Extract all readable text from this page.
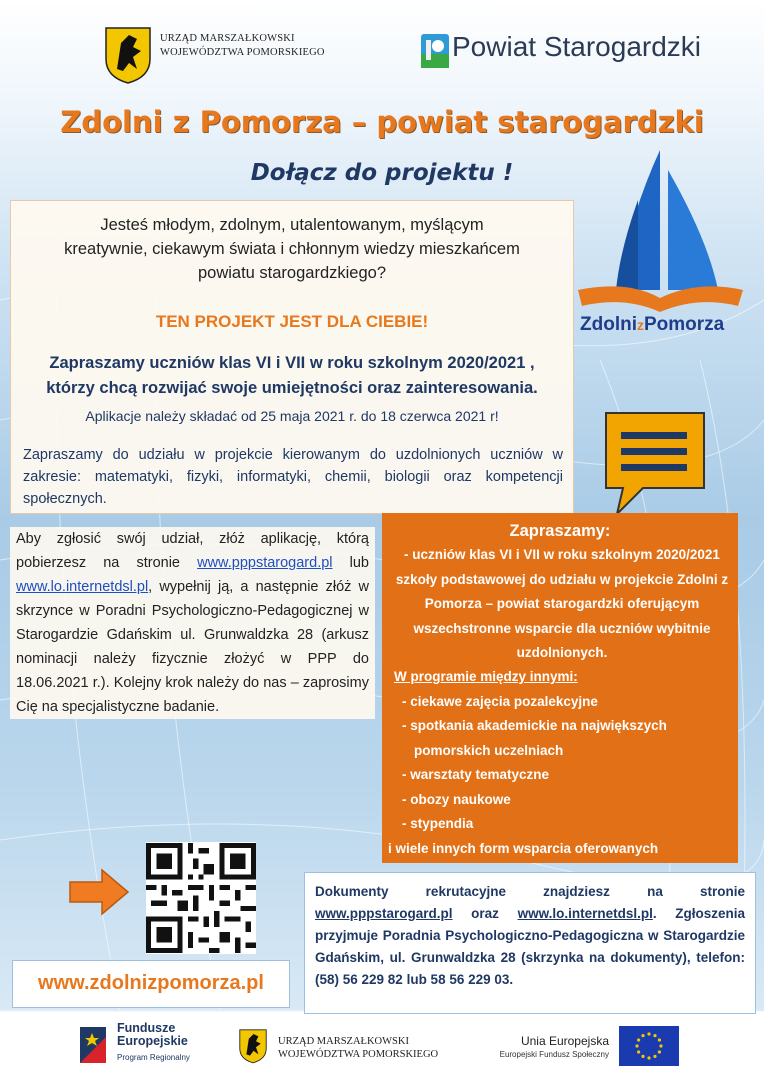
URZĄD MARSZAŁKOWSKI
WOJEWÓDZTWA POMORSKIEGO	Powiat Starogardzki
Zdolni z Pomorza – powiat starogardzki
Dołącz do projektu !
ZdolnizPomorza
Jesteś młodym, zdolnym, utalentowanym, myślącym
kreatywnie, ciekawym świata i chłonnym wiedzy mieszkańcem
powiatu starogardzkiego?
TEN PROJEKT JEST DLA CIEBIE!
Zapraszamy uczniów klas VI i VII w roku szkolnym 2020/2021 ,
którzy chcą rozwijać swoje umiejętności oraz zainteresowania.
Aplikacje należy składać od 25 maja 2021 r. do 18 czerwca 2021 r!
Zapraszamy do udziału w projekcie kierowanym do uzdolnionych uczniów w zakresie: matematyki, fizyki, informatyki, chemii, biologii oraz kompetencji społecznych.
Aby zgłosić swój udział, złóż aplikację, którą pobierzesz na stronie www.pppstarogard.pl lub www.lo.internetdsl.pl, wypełnij ją, a następnie złóż w skrzynce w Poradni Psychologiczno-Pedagogicznej w Starogardzie Gdańskim ul. Grunwaldzka 28 (arkusz nominacji należy fizycznie złożyć w PPP do 18.06.2021 r.). Kolejny krok należy do nas – zaprosimy Cię na specjalistyczne badanie.
Zapraszamy:
- uczniów klas VI i VII w roku szkolnym 2020/2021 szkoły podstawowej do udziału w projekcie Zdolni z Pomorza – powiat starogardzki oferującym wszechstronne wsparcie dla uczniów wybitnie uzdolnionych.
W programie między innymi:
- ciekawe zajęcia pozalekcyjne
- spotkania akademickie na największych
pomorskich uczelniach
- warsztaty tematyczne
- obozy naukowe
- stypendia
i wiele innych form wsparcia oferowanych
www.zdolnizpomorza.pl
Dokumenty rekrutacyjne znajdziesz na stronie www.pppstarogard.pl oraz www.lo.internetdsl.pl. Zgłoszenia przyjmuje Poradnia Psychologiczno-Pedagogiczna w Starogardzie Gdańskim, ul. Grunwaldzka 28 (skrzynka na dokumenty), telefon: (58) 56 229 82 lub 58 56 229 03.
Fundusze
Europejskie
Program Regionalny
URZĄD MARSZAŁKOWSKI
WOJEWÓDZTWA POMORSKIEGO
Unia Europejska
Europejski Fundusz Społeczny
